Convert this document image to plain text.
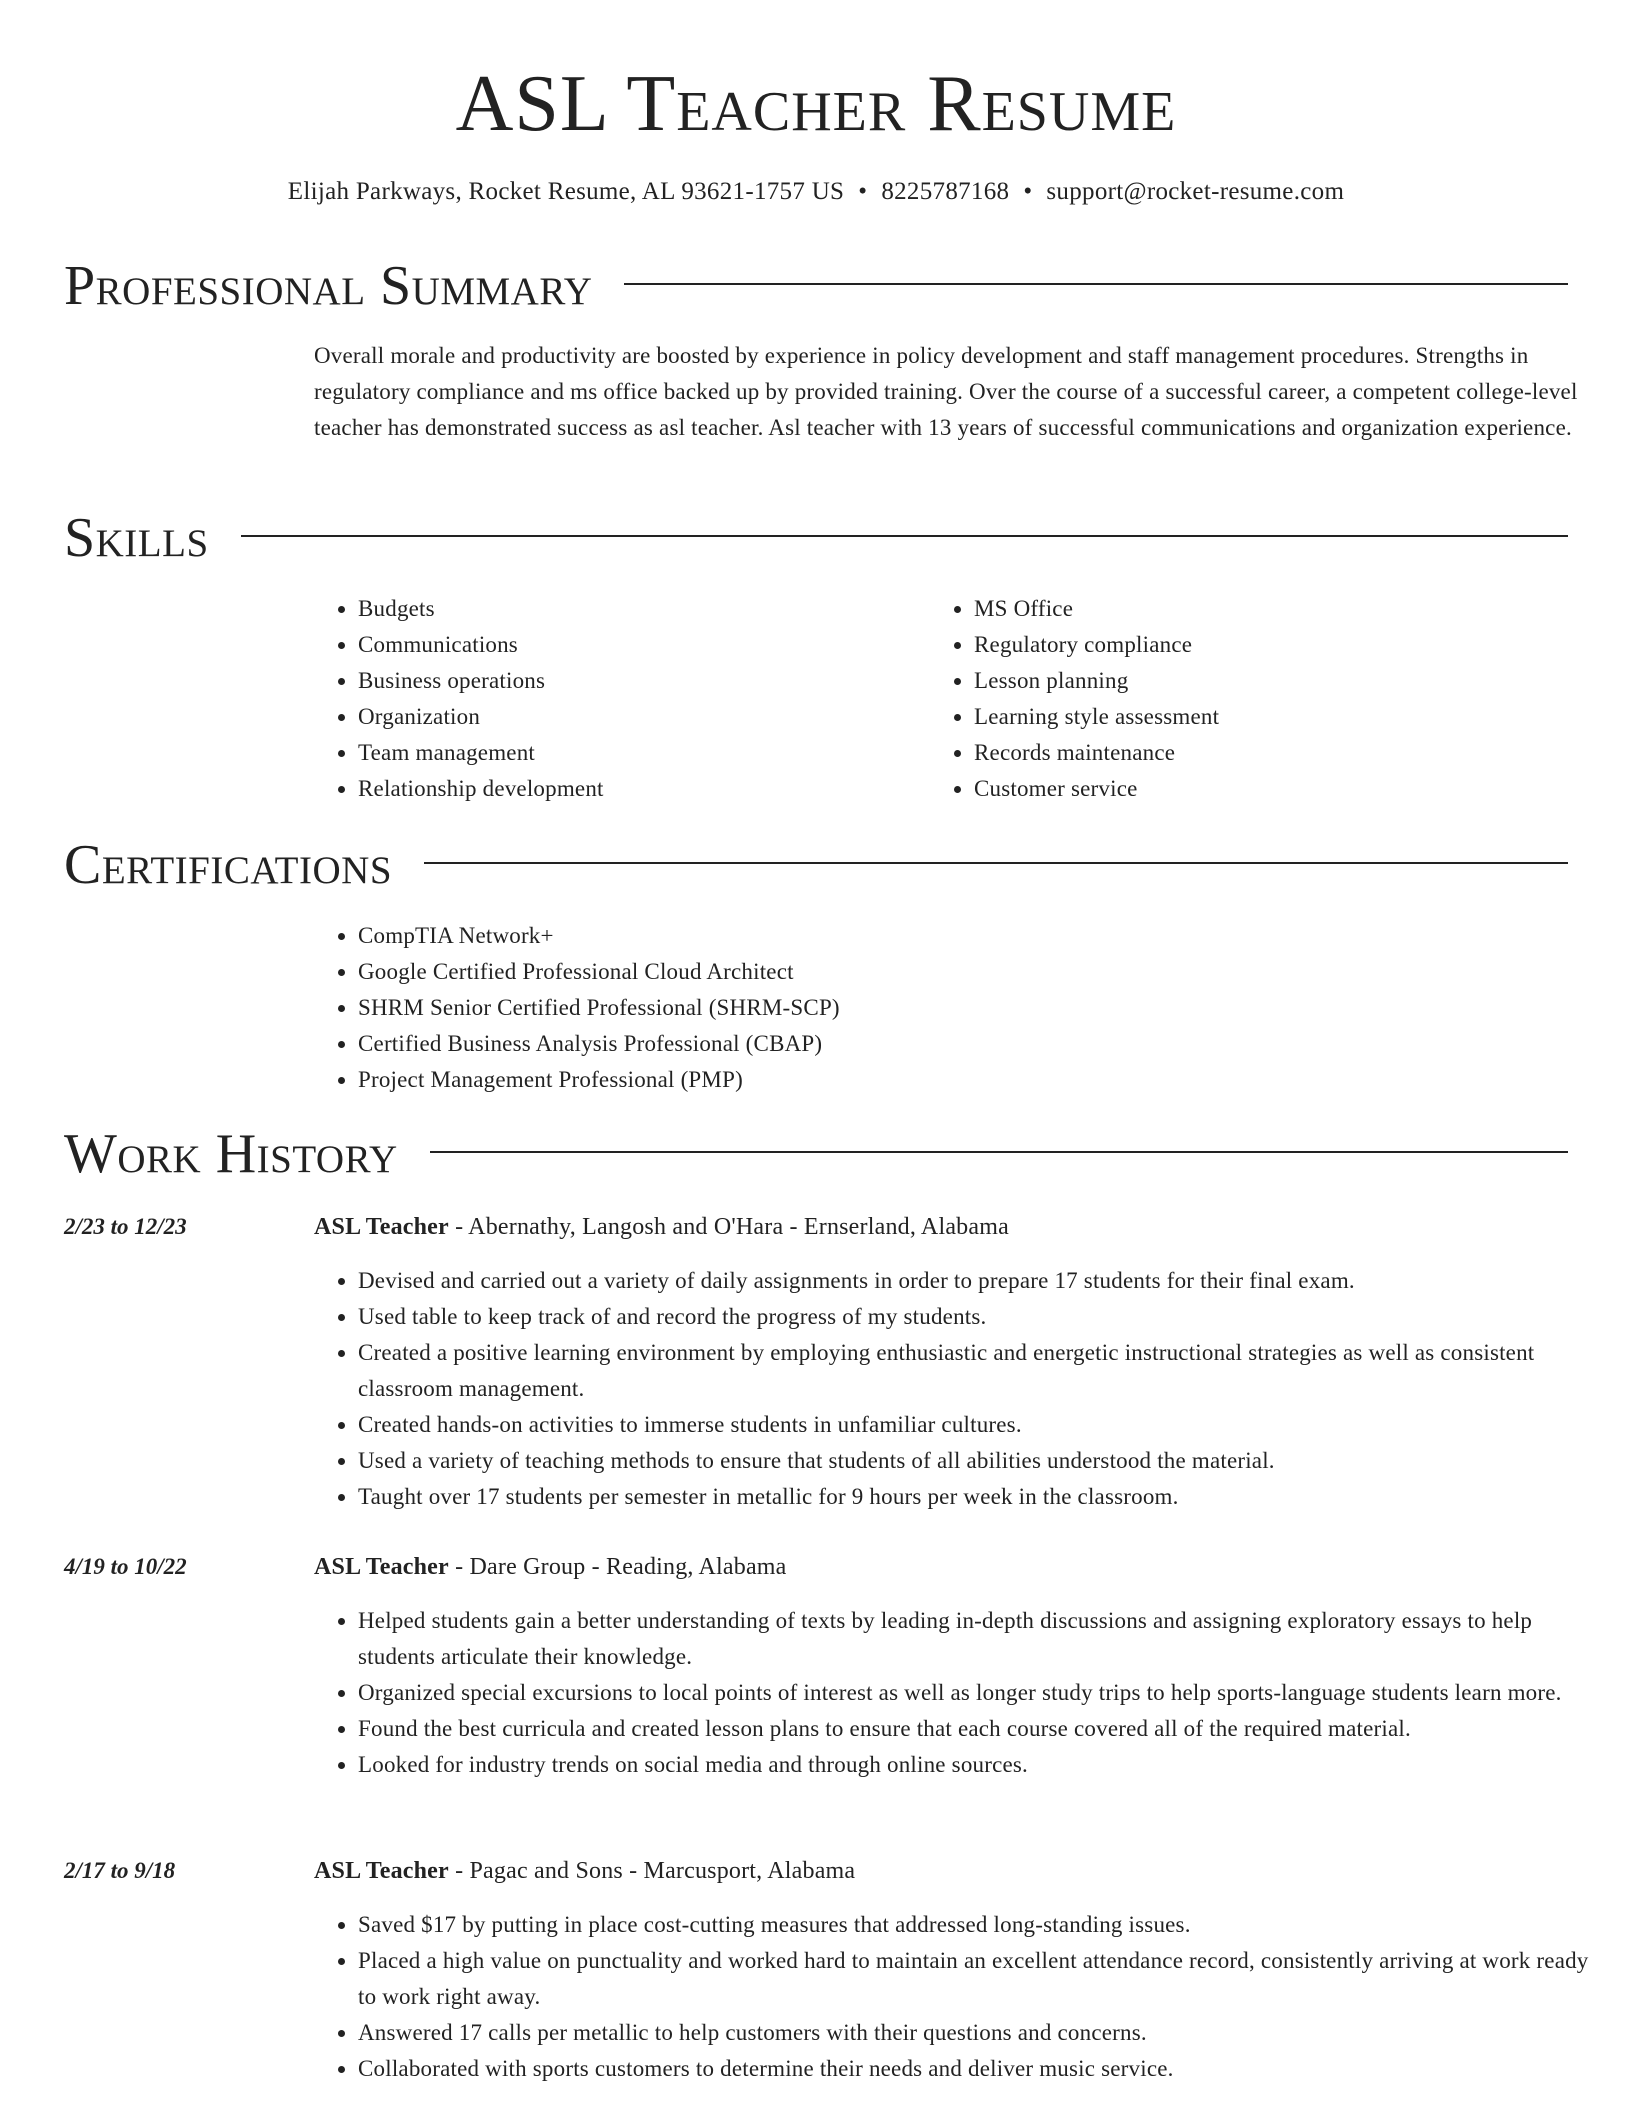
ASL Teacher Resume
Elijah Parkways, Rocket Resume, AL 93621-1757 US • 8225787168 • support@rocket-resume.com
Professional Summary

Overall morale and productivity are boosted by experience in policy development and staff management procedures. Strengths in regulatory compliance and ms office backed up by provided training. Over the course of a successful career, a competent college-level teacher has demonstrated success as asl teacher. Asl teacher with 13 years of successful communications and organization experience.

Skills
• Budgets
• Communications
• Business operations
• Organization
• Team management
• Relationship development
• MS Office
• Regulatory compliance
• Lesson planning
• Learning style assessment
• Records maintenance
• Customer service
Certifications
• CompTIA Network+
• Google Certified Professional Cloud Architect
• SHRM Senior Certified Professional (SHRM-SCP)
• Certified Business Analysis Professional (CBAP)
• Project Management Professional (PMP)
Work History
2/23 to 12/23	ASL Teacher - Abernathy, Langosh and O'Hara - Ernserland, Alabama
• Devised and carried out a variety of daily assignments in order to prepare 17 students for their final exam.
• Used table to keep track of and record the progress of my students.
• Created a positive learning environment by employing enthusiastic and energetic instructional strategies as well as consistent classroom management.
• Created hands-on activities to immerse students in unfamiliar cultures.
• Used a variety of teaching methods to ensure that students of all abilities understood the material.
• Taught over 17 students per semester in metallic for 9 hours per week in the classroom.
4/19 to 10/22	ASL Teacher - Dare Group - Reading, Alabama
• Helped students gain a better understanding of texts by leading in-depth discussions and assigning exploratory essays to help students articulate their knowledge.
• Organized special excursions to local points of interest as well as longer study trips to help sports-language students learn more.
• Found the best curricula and created lesson plans to ensure that each course covered all of the required material.
• Looked for industry trends on social media and through online sources.
2/17 to 9/18	ASL Teacher - Pagac and Sons - Marcusport, Alabama
• Saved $17 by putting in place cost-cutting measures that addressed long-standing issues.
• Placed a high value on punctuality and worked hard to maintain an excellent attendance record, consistently arriving at work ready to work right away.
• Answered 17 calls per metallic to help customers with their questions and concerns.
• Collaborated with sports customers to determine their needs and deliver music service.
